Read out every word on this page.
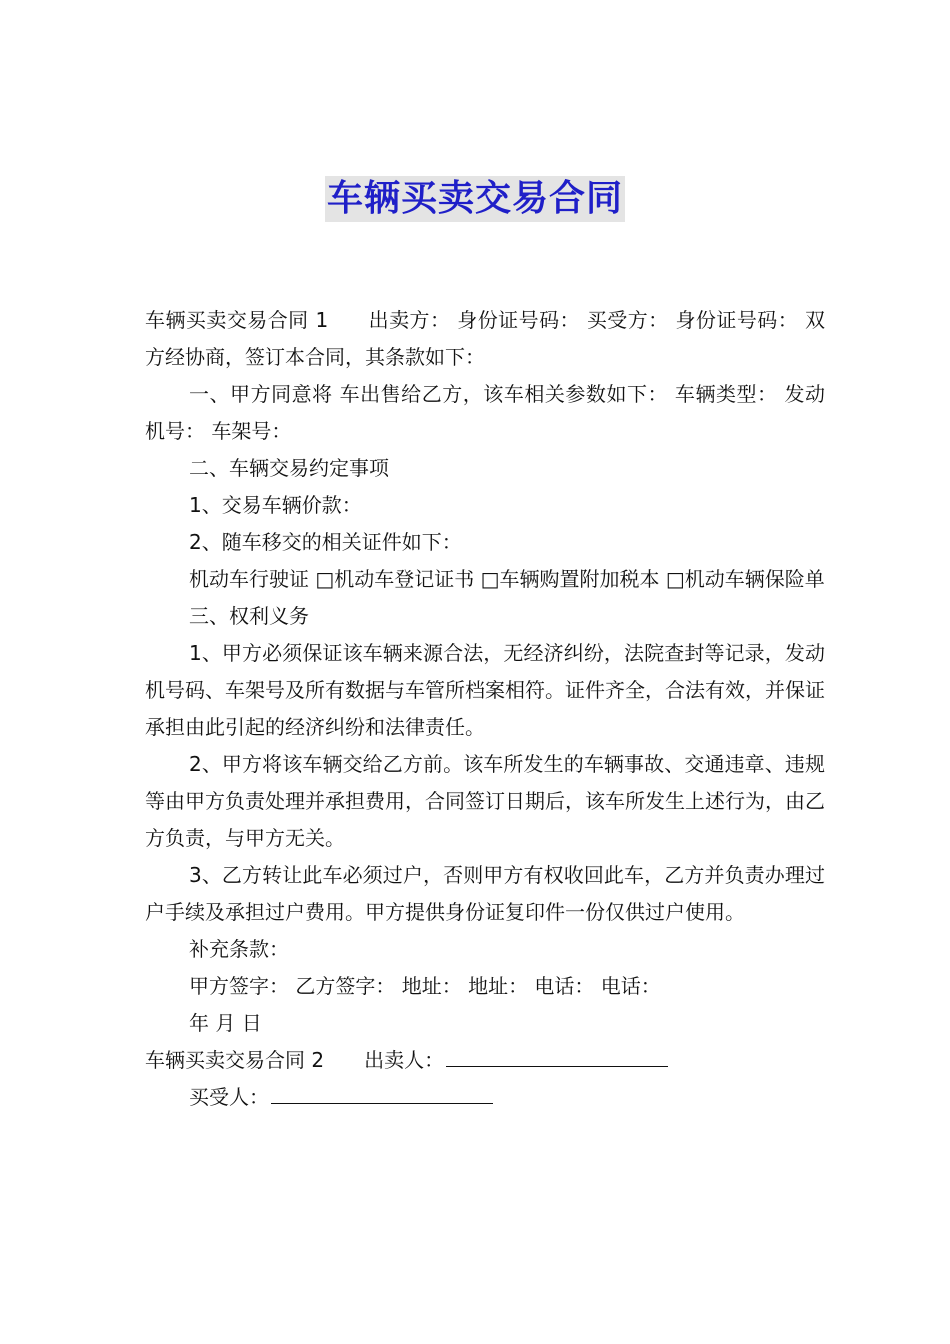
车辆买卖交易合同

车辆买卖交易合同 1 出卖方： 身份证号码： 买受方： 身份证号码： 双方经协商，签订本合同，其条款如下：

一、甲方同意将 车出售给乙方，该车相关参数如下： 车辆类型： 发动机号： 车架号：

二、车辆交易约定事项

1、交易车辆价款：

2、随车移交的相关证件如下：

机动车行驶证 □机动车登记证书 □车辆购置附加税本 □机动车辆保险单

三、权利义务

1、甲方必须保证该车辆来源合法，无经济纠纷，法院查封等记录，发动机号码、车架号及所有数据与车管所档案相符。证件齐全，合法有效，并保证承担由此引起的经济纠纷和法律责任。

2、甲方将该车辆交给乙方前。该车所发生的车辆事故、交通违章、违规等由甲方负责处理并承担费用，合同签订日期后，该车所发生上述行为，由乙方负责，与甲方无关。

3、乙方转让此车必须过户，否则甲方有权收回此车，乙方并负责办理过户手续及承担过户费用。甲方提供身份证复印件一份仅供过户使用。

补充条款：

甲方签字： 乙方签字： 地址： 地址： 电话： 电话：

年 月 日

车辆买卖交易合同 2 出卖人：

买受人：
